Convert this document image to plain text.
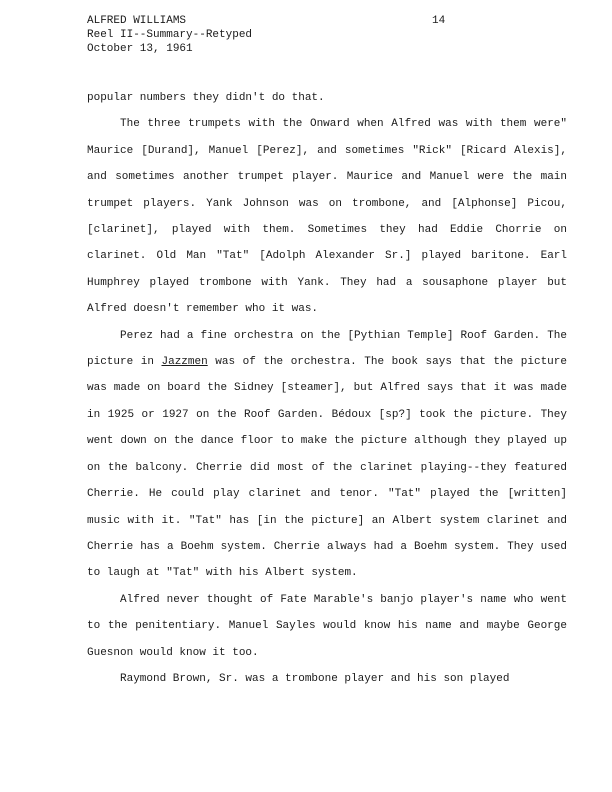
ALFRED WILLIAMS
Reel II--Summary--Retyped
October 13, 1961
14

popular numbers they didn't do that.

The three trumpets with the Onward when Alfred was with them were" Maurice [Durand], Manuel [Perez], and sometimes "Rick" [Ricard Alexis], and sometimes another trumpet player. Maurice and Manuel were the main trumpet players. Yank Johnson was on trombone, and [Alphonse] Picou, [clarinet], played with them. Sometimes they had Eddie Chorrie on clarinet. Old Man "Tat" [Adolph Alexander Sr.] played baritone. Earl Humphrey played trombone with Yank. They had a sousaphone player but Alfred doesn't remember who it was.

Perez had a fine orchestra on the [Pythian Temple] Roof Garden. The picture in Jazzmen was of the orchestra. The book says that the picture was made on board the Sidney [steamer], but Alfred says that it was made in 1925 or 1927 on the Roof Garden. Bédoux [sp?] took the picture. They went down on the dance floor to make the picture although they played up on the balcony. Cherrie did most of the clarinet playing--they featured Cherrie. He could play clarinet and tenor. "Tat" played the [written] music with it. "Tat" has [in the picture] an Albert system clarinet and Cherrie has a Boehm system. Cherrie always had a Boehm system. They used to laugh at "Tat" with his Albert system.

Alfred never thought of Fate Marable's banjo player's name who went to the penitentiary. Manuel Sayles would know his name and maybe George Guesnon would know it too.

Raymond Brown, Sr. was a trombone player and his son played
